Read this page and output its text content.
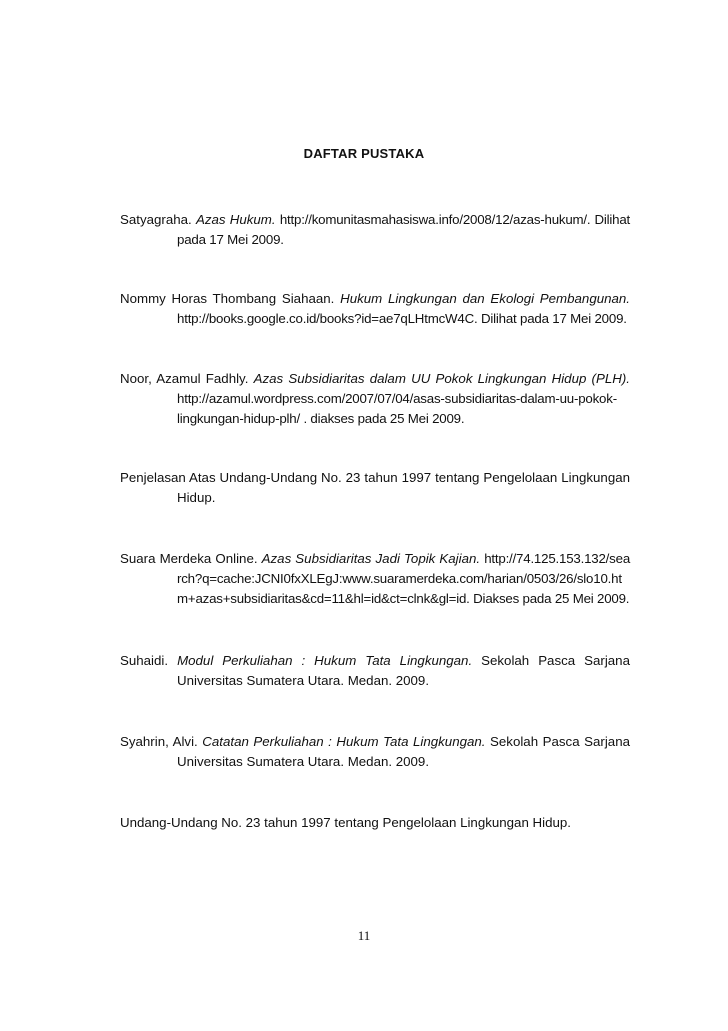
DAFTAR PUSTAKA
Satyagraha. Azas Hukum. http://komunitasmahasiswa.info/2008/12/azas-hukum/. Dilihat pada 17 Mei 2009.
Nommy Horas Thombang Siahaan. Hukum Lingkungan dan Ekologi Pembangunan. http://books.google.co.id/books?id=ae7qLHtmcW4C. Dilihat pada 17 Mei 2009.
Noor, Azamul Fadhly. Azas Subsidiaritas dalam UU Pokok Lingkungan Hidup (PLH). http://azamul.wordpress.com/2007/07/04/asas-subsidiaritas-dalam-uu-pokok-lingkungan-hidup-plh/ . diakses pada 25 Mei 2009.
Penjelasan Atas Undang-Undang No. 23 tahun 1997 tentang Pengelolaan Lingkungan Hidup.
Suara Merdeka Online. Azas Subsidiaritas Jadi Topik Kajian. http://74.125.153.132/search?q=cache:JCNI0fxXLEgJ:www.suaramerdeka.com/harian/0503/26/slo10.htm+azas+subsidiaritas&cd=11&hl=id&ct=clnk&gl=id. Diakses pada 25 Mei 2009.
Suhaidi. Modul Perkuliahan : Hukum Tata Lingkungan. Sekolah Pasca Sarjana Universitas Sumatera Utara. Medan. 2009.
Syahrin, Alvi. Catatan Perkuliahan : Hukum Tata Lingkungan. Sekolah Pasca Sarjana Universitas Sumatera Utara. Medan. 2009.
Undang-Undang No. 23 tahun 1997 tentang Pengelolaan Lingkungan Hidup.
11
